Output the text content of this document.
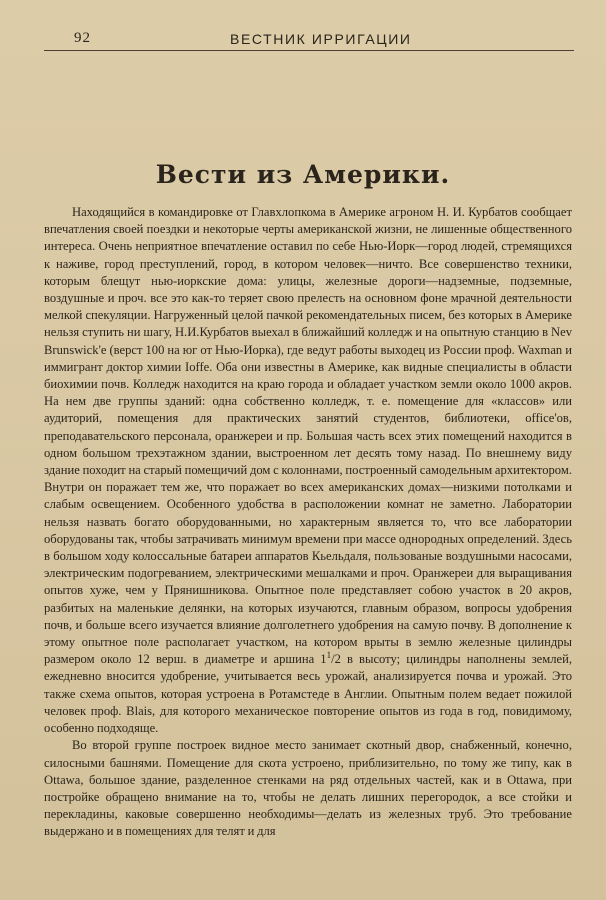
92	ВЕСТНИК ИРРИГАЦИИ
Вести из Америки.

Находящийся в командировке от Главхлопкома в Америке агроном Н. И. Курбатов сообщает впечатления своей поездки и некоторые черты американской жизни, не лишенные общественного интереса. Очень неприятное впечатление оставил по себе Нью-Иорк—город людей, стремящихся к наживе, город преступлений, город, в котором человек—ничто. Все совершенство техники, которым блещут нью-иоркские дома: улицы, железные дороги—надземные, подземные, воздушные и проч. все это как-то теряет свою прелесть на основном фоне мрачной деятельности мелкой спекуляции. Нагруженный целой пачкой рекомендательных писем, без которых в Америке нельзя ступить ни шагу, Н.И.Курбатов выехал в ближайший колледж и на опытную станцию в Nev Brunswick'е (верст 100 на юг от Нью-Иорка), где ведут работы выходец из России проф. Waxman и иммигрант доктор химии Ioffe. Оба они известны в Америке, как видные специалисты в области биохимии почв. Колледж находится на краю города и обладает участком земли около 1000 акров. На нем две группы зданий: одна собственно колледж, т. е. помещение для «классов» или аудиторий, помещения для практических занятий студентов, библиотеки, office'ов, преподавательского персонала, оранжереи и пр. Большая часть всех этих помещений находится в одном большом трехэтажном здании, выстроенном лет десять тому назад. По внешнему виду здание походит на старый помещичий дом с колоннами, построенный самодельным архитектором. Внутри он поражает тем же, что поражает во всех американских домах—низкими потолками и слабым освещением. Особенного удобства в расположении комнат не заметно. Лаборатории нельзя назвать богато оборудованными, но характерным является то, что все лаборатории оборудованы так, чтобы затрачивать минимум времени при массе однородных определений. Здесь в большом ходу колоссальные батареи аппаратов Кьельдаля, пользованые воздушными насосами, электрическим подогреванием, электрическими мешалками и проч. Оранжереи для выращивания опытов хуже, чем у Прянишникова. Опытное поле представляет собою участок в 20 акров, разбитых на маленькие делянки, на которых изучаются, главным образом, вопросы удобрения почв, и больше всего изучается влияние долголетнего удобрения на самую почву. В дополнение к этому опытное поле располагает участком, на котором врыты в землю железные цилиндры размером около 12 верш. в диаметре и аршина $1^1/2$ в высоту; цилиндры наполнены землей, ежедневно вносится удобрение, учитывается весь урожай, анализируется почва и урожай. Это также схема опытов, которая устроена в Ротамстеде в Англии. Опытным полем ведает пожилой человек проф. Blais, для которого механическое повторение опытов из года в год, повидимому, особенно подходяще.

Во второй группе построек видное место занимает скотный двор, снабженный, конечно, силосными башнями. Помещение для скота устроено, приблизительно, по тому же типу, как в Ottawa, большое здание, разделенное стенками на ряд отдельных частей, как и в Ottawa, при постройке обращено внимание на то, чтобы не делать лишних перегородок, а все стойки и перекладины, каковые совершенно необходимы—делать из железных труб. Это требование выдержано и в помещениях для телят и для
